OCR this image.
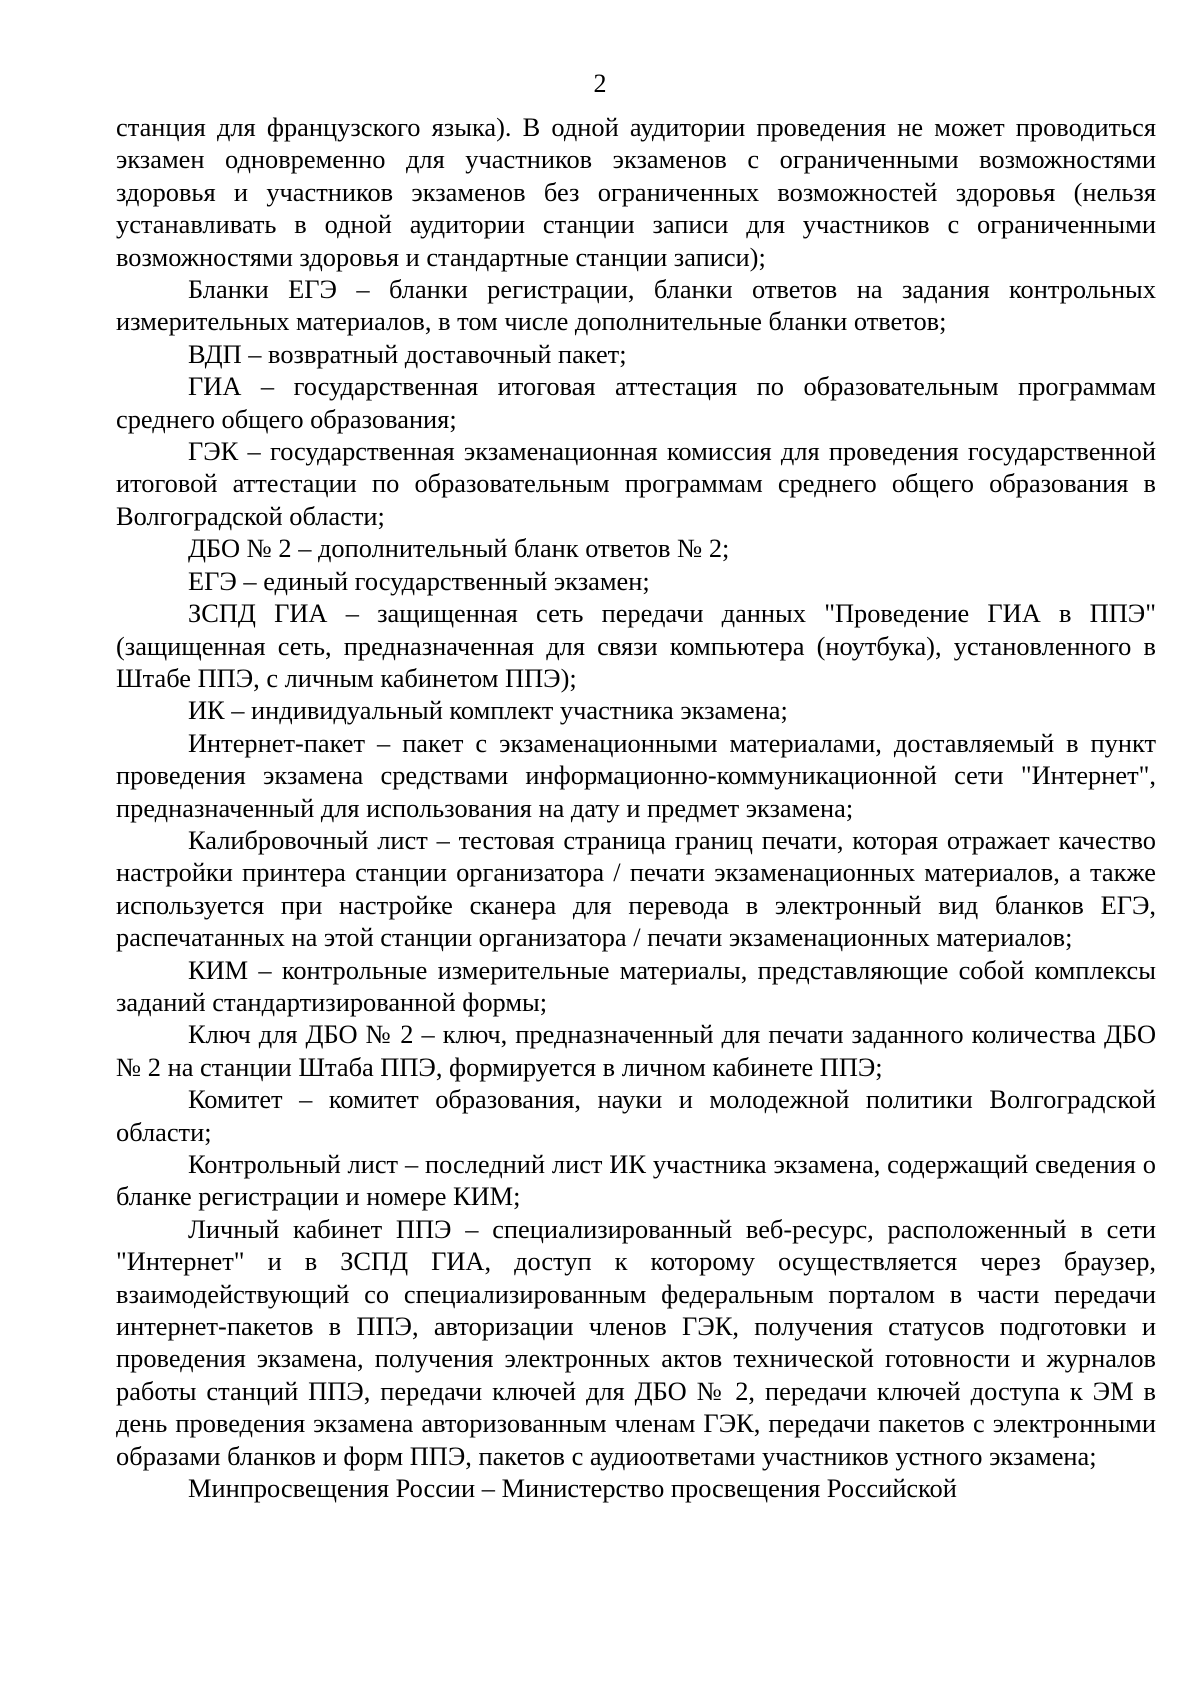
2

станция для французского языка). В одной аудитории проведения не может проводиться экзамен одновременно для участников экзаменов с ограниченными возможностями здоровья и участников экзаменов без ограниченных возможностей здоровья (нельзя устанавливать в одной аудитории станции записи для участников с ограниченными возможностями здоровья и стандартные станции записи);

Бланки ЕГЭ – бланки регистрации, бланки ответов на задания контрольных измерительных материалов, в том числе дополнительные бланки ответов;

ВДП – возвратный доставочный пакет;

ГИА – государственная итоговая аттестация по образовательным программам среднего общего образования;

ГЭК – государственная экзаменационная комиссия для проведения государственной итоговой аттестации по образовательным программам среднего общего образования в Волгоградской области;

ДБО № 2 – дополнительный бланк ответов № 2;

ЕГЭ – единый государственный экзамен;

ЗСПД ГИА – защищенная сеть передачи данных "Проведение ГИА в ППЭ" (защищенная сеть, предназначенная для связи компьютера (ноутбука), установленного в Штабе ППЭ, с личным кабинетом ППЭ);

ИК – индивидуальный комплект участника экзамена;

Интернет-пакет – пакет с экзаменационными материалами, доставляемый в пункт проведения экзамена средствами информационно-коммуникационной сети "Интернет", предназначенный для использования на дату и предмет экзамена;

Калибровочный лист – тестовая страница границ печати, которая отражает качество настройки принтера станции организатора / печати экзаменационных материалов, а также используется при настройке сканера для перевода в электронный вид бланков ЕГЭ, распечатанных на этой станции организатора / печати экзаменационных материалов;

КИМ – контрольные измерительные материалы, представляющие собой комплексы заданий стандартизированной формы;

Ключ для ДБО № 2 – ключ, предназначенный для печати заданного количества ДБО № 2 на станции Штаба ППЭ, формируется в личном кабинете ППЭ;

Комитет – комитет образования, науки и молодежной политики Волгоградской области;

Контрольный лист – последний лист ИК участника экзамена, содержащий сведения о бланке регистрации и номере КИМ;

Личный кабинет ППЭ – специализированный веб-ресурс, расположенный в сети "Интернет" и в ЗСПД ГИА, доступ к которому осуществляется через браузер, взаимодействующий со специализированным федеральным порталом в части передачи интернет-пакетов в ППЭ, авторизации членов ГЭК, получения статусов подготовки и проведения экзамена, получения электронных актов технической готовности и журналов работы станций ППЭ, передачи ключей для ДБО № 2, передачи ключей доступа к ЭМ в день проведения экзамена авторизованным членам ГЭК, передачи пакетов с электронными образами бланков и форм ППЭ, пакетов с аудиоответами участников устного экзамена;

Минпросвещения России – Министерство просвещения Российской
